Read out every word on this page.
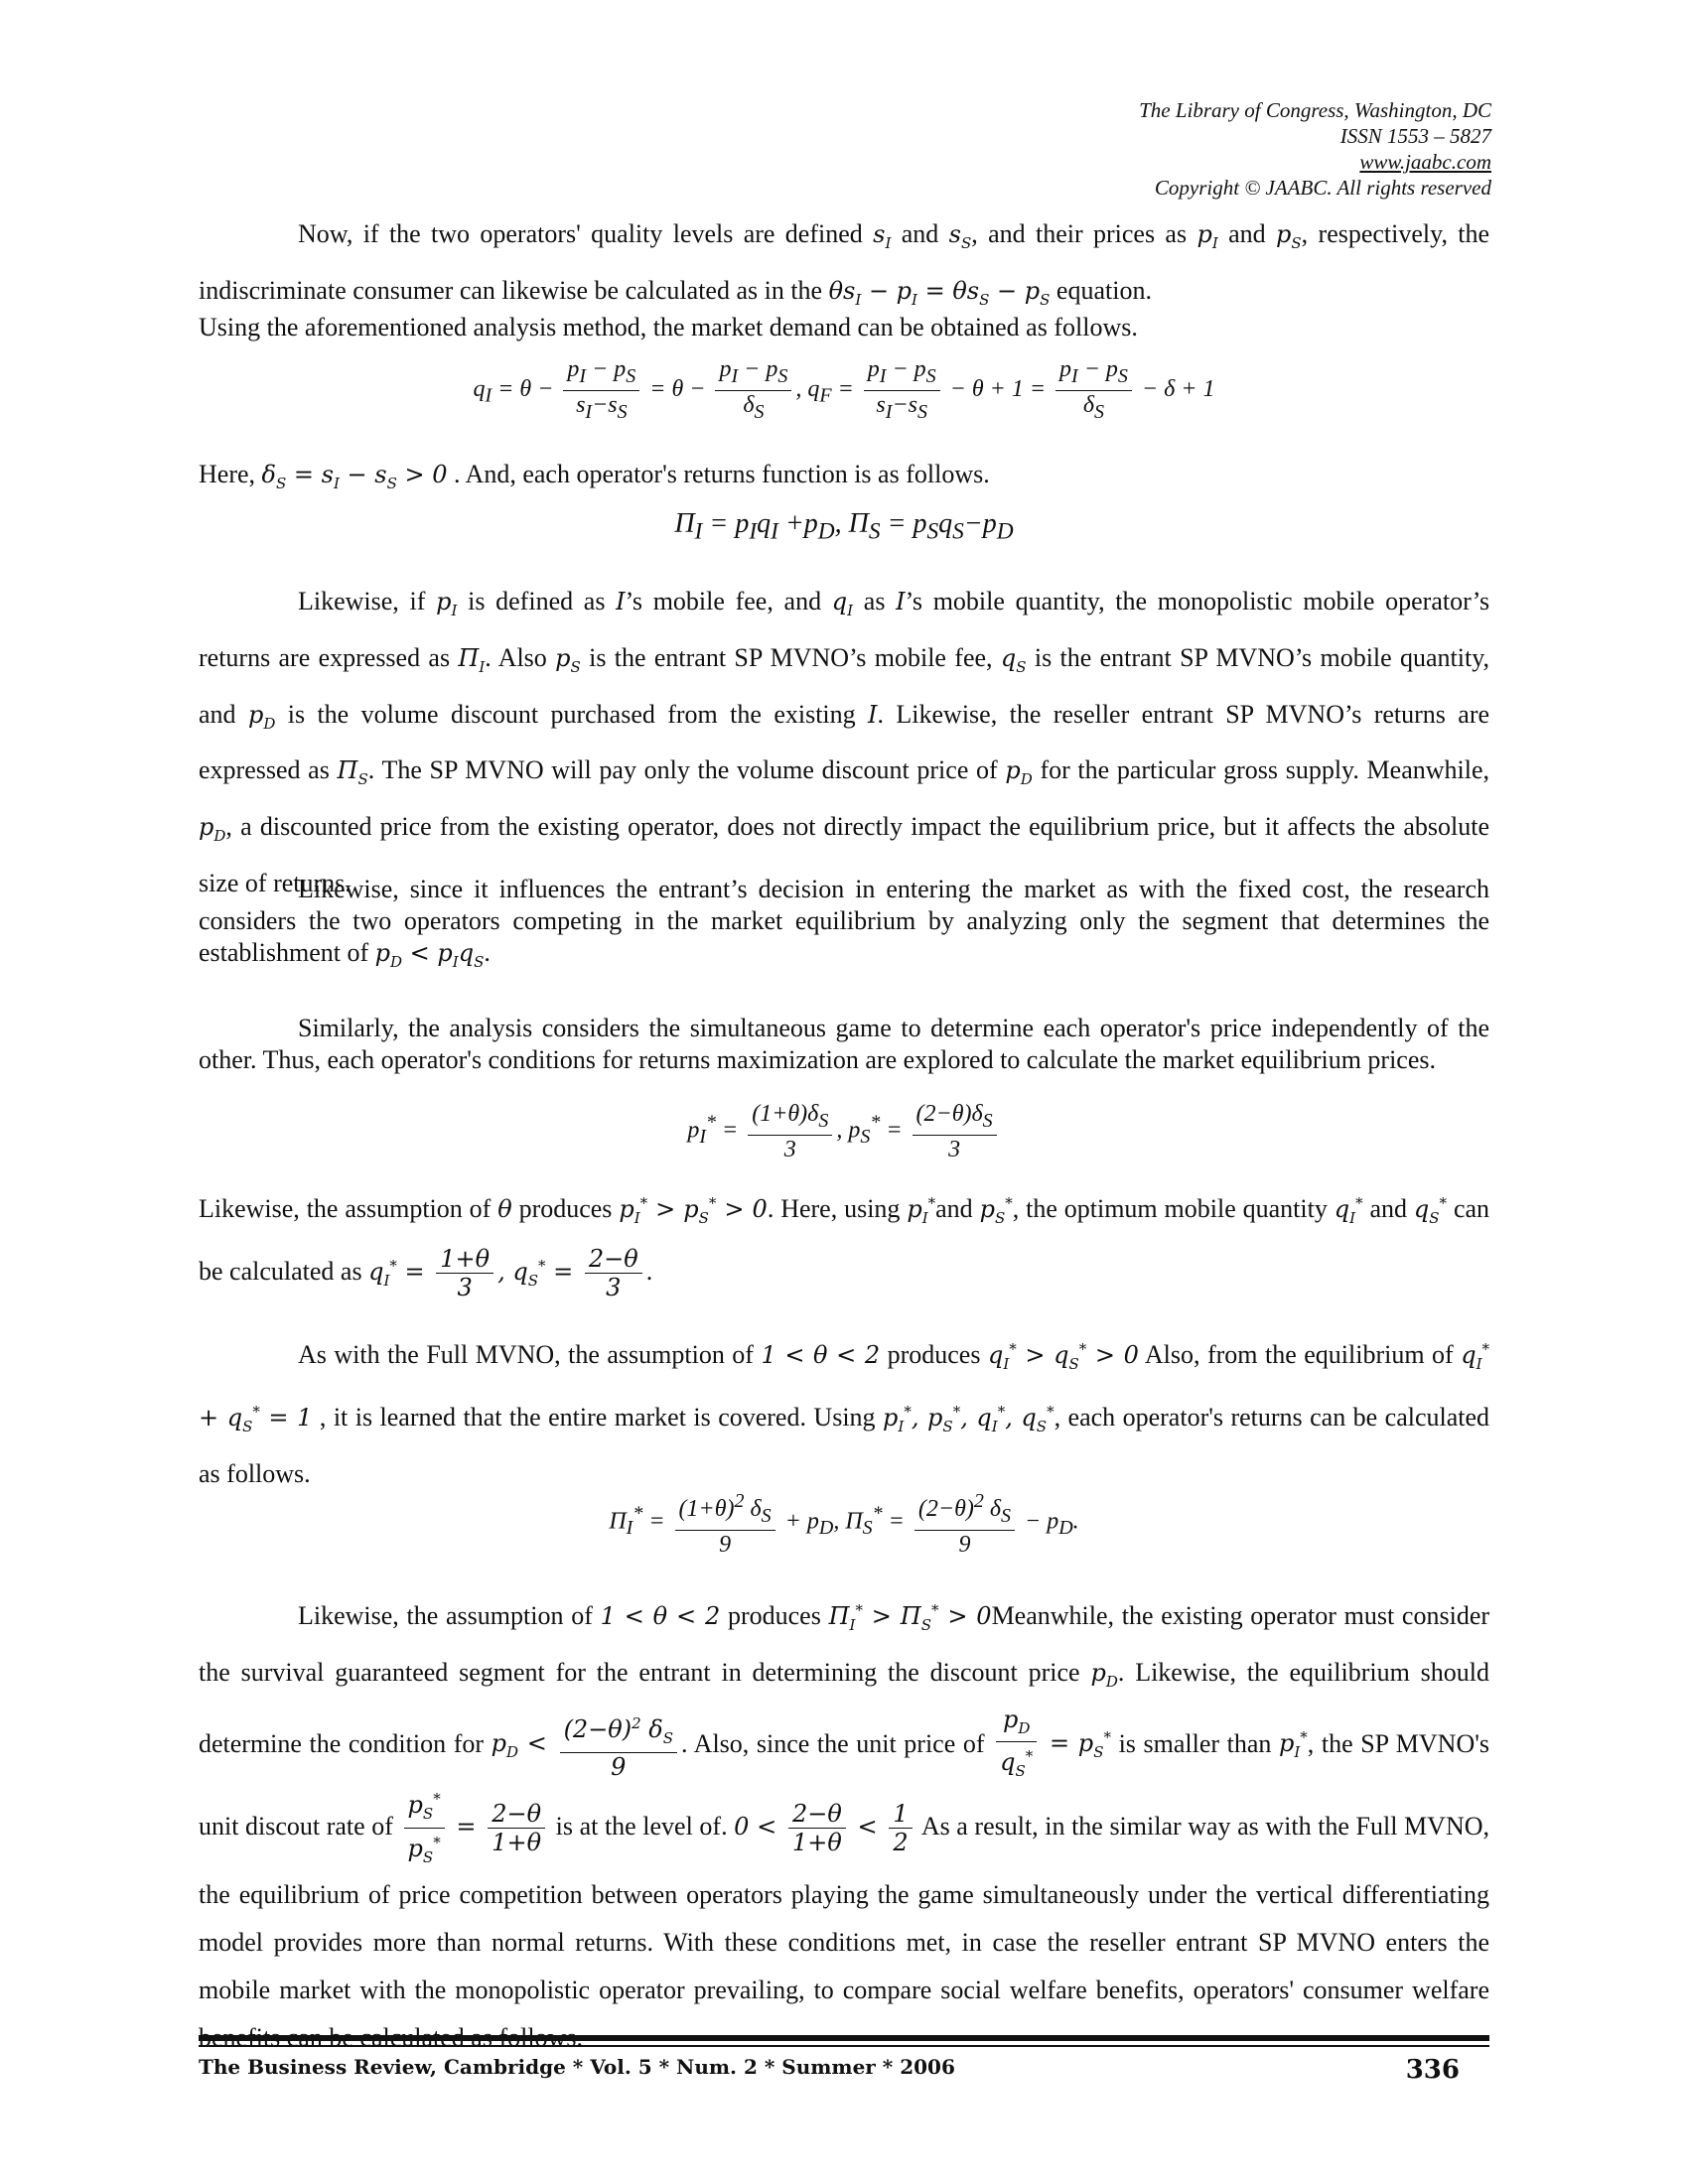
The Library of Congress, Washington, DC
ISSN 1553 – 5827
www.jaabc.com
Copyright © JAABC. All rights reserved
Now, if the two operators' quality levels are defined $s_I$ and $s_S$, and their prices as $p_I$ and $p_S$, respectively, the indiscriminate consumer can likewise be calculated as in the $\theta s_I - p_I = \theta s_S - p_S$ equation.
Using the aforementioned analysis method, the market demand can be obtained as follows.
$q_I = \theta - \frac{p_I - p_S}{s_I-s_S} = \theta - \frac{p_I - p_S}{\delta_S}$ , $q_F = \frac{p_I - p_S}{s_I-s_S} - \theta + 1 = \frac{p_I - p_S}{\delta_S} - \delta + 1$
Here, $\delta_S = s_I - s_S > 0$ . And, each operator's returns function is as follows.
$\Pi_I = p_Iq_I +p_D$, $\Pi_S = p_Sq_S-p_D$
Likewise, if $p_I$ is defined as I’s mobile fee, and $q_I$ as I’s mobile quantity, the monopolistic mobile operator’s returns are expressed as $\Pi_I$. Also $p_S$ is the entrant SP MVNO’s mobile fee, $q_S$ is the entrant SP MVNO’s mobile quantity, and $p_D$ is the volume discount purchased from the existing I. Likewise, the reseller entrant SP MVNO’s returns are expressed as $\Pi_S$. The SP MVNO will pay only the volume discount price of $p_D$ for the particular gross supply. Meanwhile, $p_D$, a discounted price from the existing operator, does not directly impact the equilibrium price, but it affects the absolute size of returns.
Likewise, since it influences the entrant’s decision in entering the market as with the fixed cost, the research considers the two operators competing in the market equilibrium by analyzing only the segment that determines the establishment of $p_D < p_Iq_S$.
Similarly, the analysis considers the simultaneous game to determine each operator's price independently of the other. Thus, each operator's conditions for returns maximization are explored to calculate the market equilibrium prices.
$p_I^* = \frac{(1+\theta)\delta_S}{3}$ , $p_S^* = \frac{(2-\theta)\delta_S}{3}$
Likewise, the assumption of θ produces $p_I^* > p_S^* > 0$. Here, using $p_I^*and$ $p_S^*$, the optimum mobile quantity $q_I^*$ and $q_S^*$ can be calculated as $q_I^* = \frac{1+\theta}{3}$ , $q_S^* = \frac{2-\theta}{3}$ .
As with the Full MVNO, the assumption of 1 < θ < 2 produces $q_I^* > q_S^* > 0$ Also, from the equilibrium of $q_I^* + q_S^* = 1$ , it is learned that the entire market is covered. Using $p_I^*$, $p_S^*$, $q_I^*$, $q_S^*$, each operator's returns can be calculated as follows.
$\Pi_I^* = \frac{(1+\theta)^2 \delta_S}{9} + p_D$, $\Pi_S^* = \frac{(2-\theta)^2 \delta_S}{9} - p_D$.
Likewise, the assumption of 1 < θ < 2 produces $\Pi_I^* > \Pi_S^*$ > 0Meanwhile, the existing operator must consider the survival guaranteed segment for the entrant in determining the discount price $p_D$. Likewise, the equilibrium should determine the condition for $p_D < \frac{(2-\theta)^2 \delta_S}{9}$ . Also, since the unit price of $\frac{p_D}{q_S^*} = p_S^*$ is smaller than $p_I^*$, the SP MVNO's unit discout rate of $\frac{p_S^*}{p_S^*} = \frac{2-\theta}{1+\theta}$ is at the level of. $0 < \frac{2-\theta}{1+\theta} < \frac{1}{2}$ As a result, in the similar way as with the Full MVNO, the equilibrium of price competition between operators playing the game simultaneously under the vertical differentiating model provides more than normal returns. With these conditions met, in case the reseller entrant SP MVNO enters the mobile market with the monopolistic operator prevailing, to compare social welfare benefits, operators' consumer welfare benefits can be calculated as follows.
The Business Review, Cambridge * Vol. 5 * Num. 2 * Summer * 2006	336
